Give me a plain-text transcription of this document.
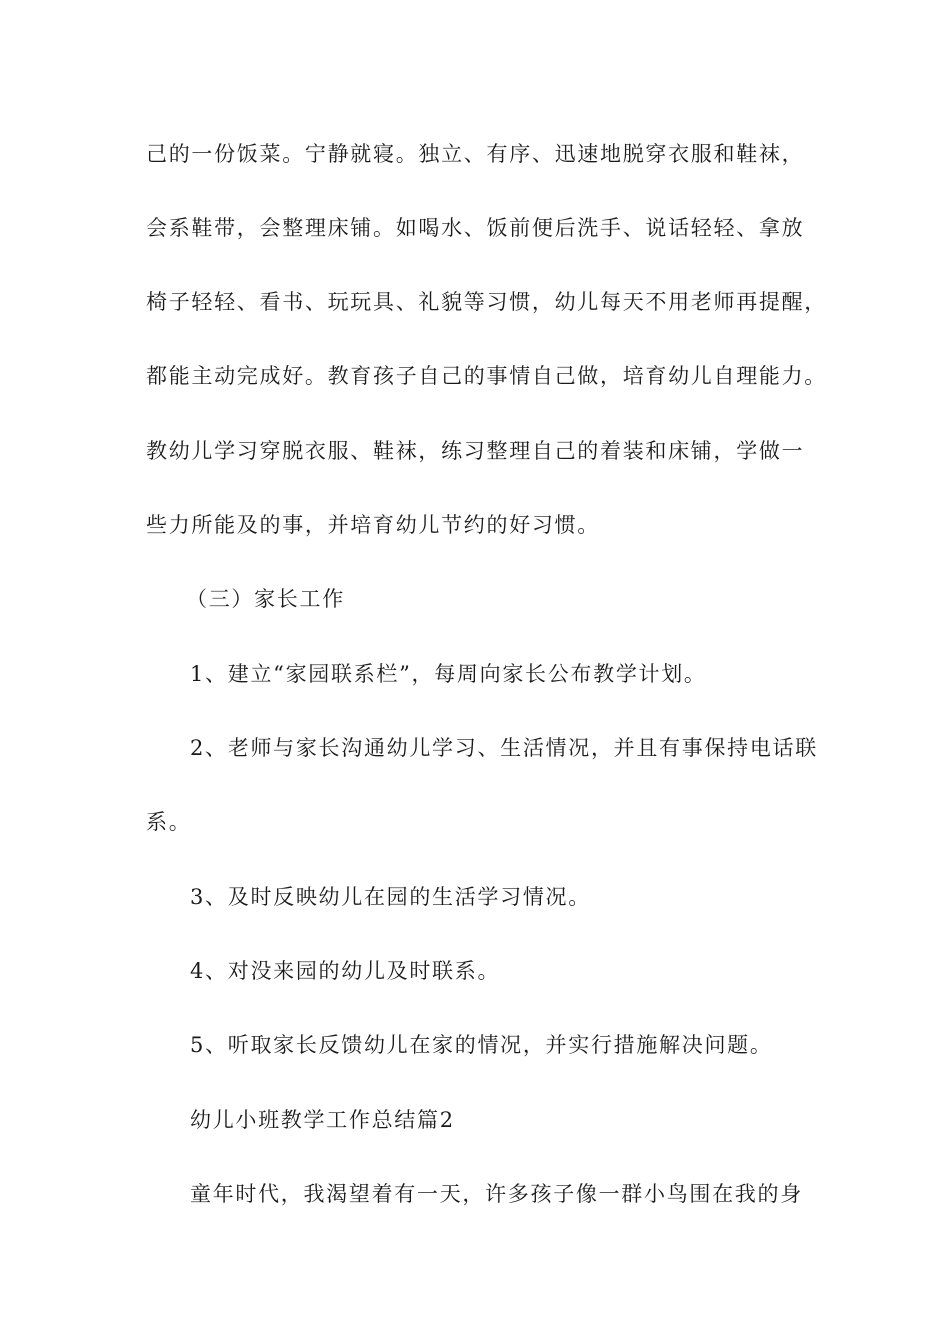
己的一份饭菜。宁静就寝。独立、有序、迅速地脱穿衣服和鞋袜，
会系鞋带，会整理床铺。如喝水、饭前便后洗手、说话轻轻、拿放
椅子轻轻、看书、玩玩具、礼貌等习惯，幼儿每天不用老师再提醒，
都能主动完成好。教育孩子自己的事情自己做，培育幼儿自理能力。
教幼儿学习穿脱衣服、鞋袜，练习整理自己的着装和床铺，学做一
些力所能及的事，并培育幼儿节约的好习惯。
（三）家长工作
1、建立“家园联系栏”，每周向家长公布教学计划。
2、老师与家长沟通幼儿学习、生活情况，并且有事保持电话联
系。
3、及时反映幼儿在园的生活学习情况。
4、对没来园的幼儿及时联系。
5、听取家长反馈幼儿在家的情况，并实行措施解决问题。
幼儿小班教学工作总结篇2
童年时代，我渴望着有一天，许多孩子像一群小鸟围在我的身
